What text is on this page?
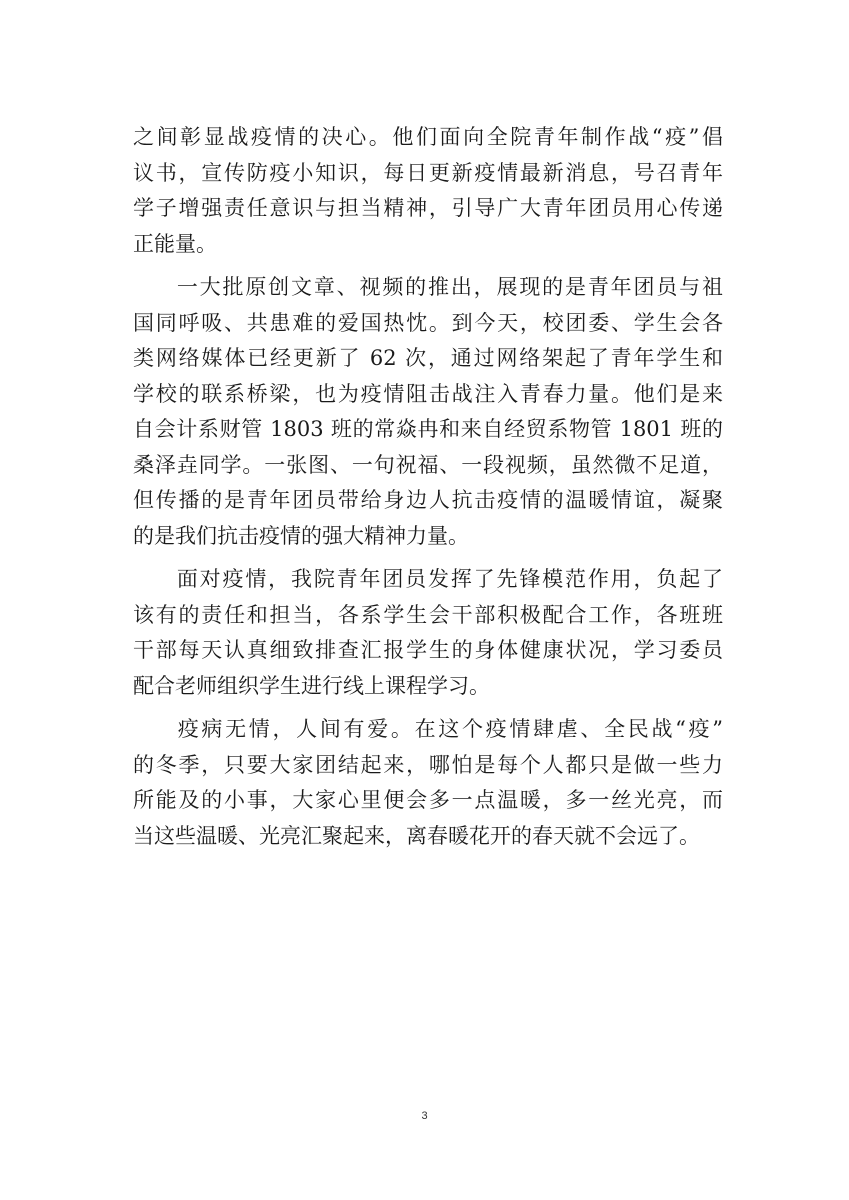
之间彰显战疫情的决心。他们面向全院青年制作战“疫”倡
议书，宣传防疫小知识，每日更新疫情最新消息，号召青年
学子增强责任意识与担当精神，引导广大青年团员用心传递
正能量。
一大批原创文章、视频的推出，展现的是青年团员与祖
国同呼吸、共患难的爱国热忱。到今天，校团委、学生会各
类网络媒体已经更新了 62 次，通过网络架起了青年学生和
学校的联系桥梁，也为疫情阻击战注入青春力量。他们是来
自会计系财管 1803 班的常焱冉和来自经贸系物管 1801 班的
桑泽垚同学。一张图、一句祝福、一段视频，虽然微不足道，
但传播的是青年团员带给身边人抗击疫情的温暖情谊，凝聚
的是我们抗击疫情的强大精神力量。
面对疫情，我院青年团员发挥了先锋模范作用，负起了
该有的责任和担当，各系学生会干部积极配合工作，各班班
干部每天认真细致排查汇报学生的身体健康状况，学习委员
配合老师组织学生进行线上课程学习。
疫病无情，人间有爱。在这个疫情肆虐、全民战“疫”
的冬季，只要大家团结起来，哪怕是每个人都只是做一些力
所能及的小事，大家心里便会多一点温暖，多一丝光亮，而
当这些温暖、光亮汇聚起来，离春暖花开的春天就不会远了。
3
